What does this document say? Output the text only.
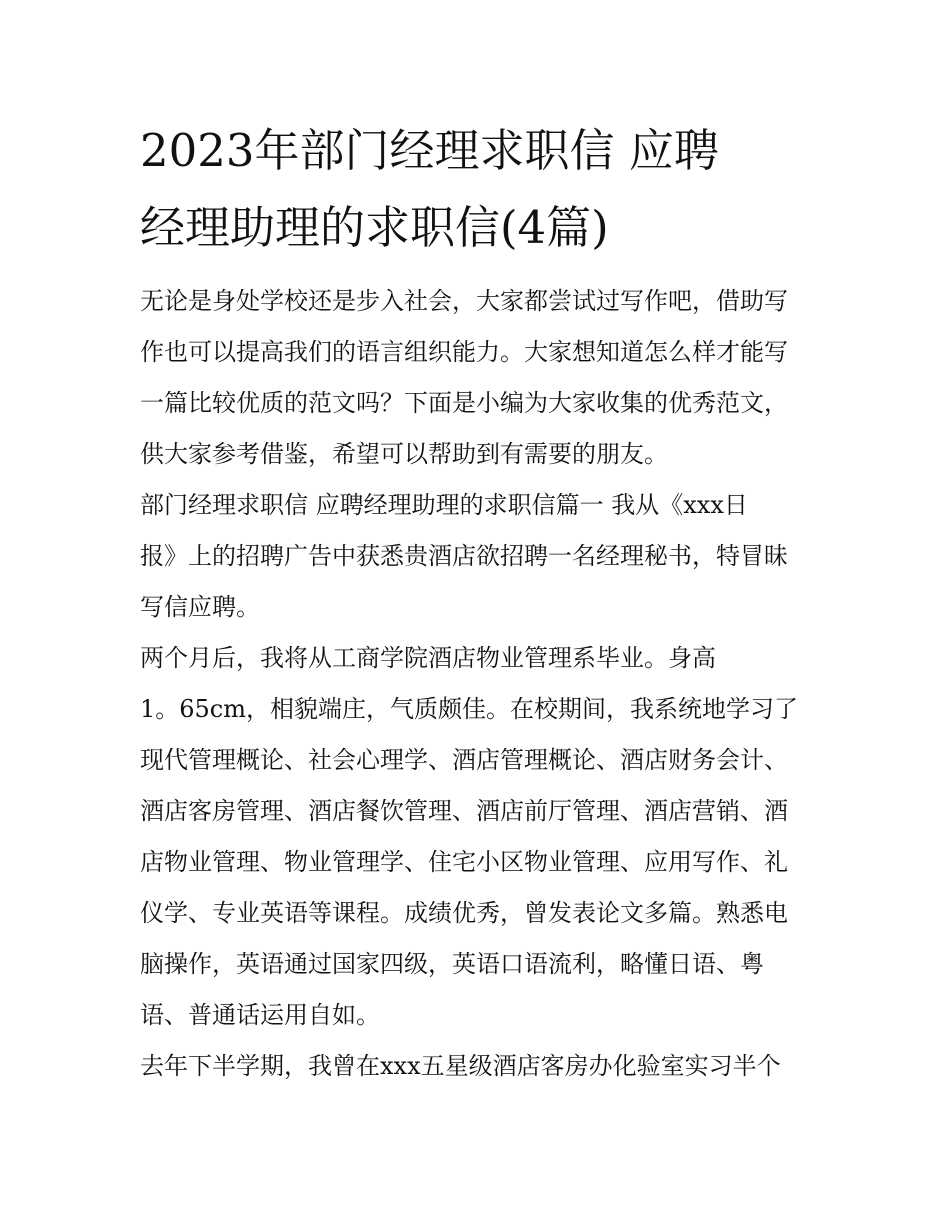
2023年部门经理求职信 应聘
经理助理的求职信(4篇)
无论是身处学校还是步入社会，大家都尝试过写作吧，借助写
作也可以提高我们的语言组织能力。大家想知道怎么样才能写
一篇比较优质的范文吗？下面是小编为大家收集的优秀范文，
供大家参考借鉴，希望可以帮助到有需要的朋友。
部门经理求职信 应聘经理助理的求职信篇一 我从《xxx日
报》上的招聘广告中获悉贵酒店欲招聘一名经理秘书，特冒昧
写信应聘。
两个月后，我将从工商学院酒店物业管理系毕业。身高
1。65cm，相貌端庄，气质颇佳。在校期间，我系统地学习了
现代管理概论、社会心理学、酒店管理概论、酒店财务会计、
酒店客房管理、酒店餐饮管理、酒店前厅管理、酒店营销、酒
店物业管理、物业管理学、住宅小区物业管理、应用写作、礼
仪学、专业英语等课程。成绩优秀，曾发表论文多篇。熟悉电
脑操作，英语通过国家四级，英语口语流利，略懂日语、粤
语、普通话运用自如。
去年下半学期，我曾在xxx五星级酒店客房办化验室实习半个
